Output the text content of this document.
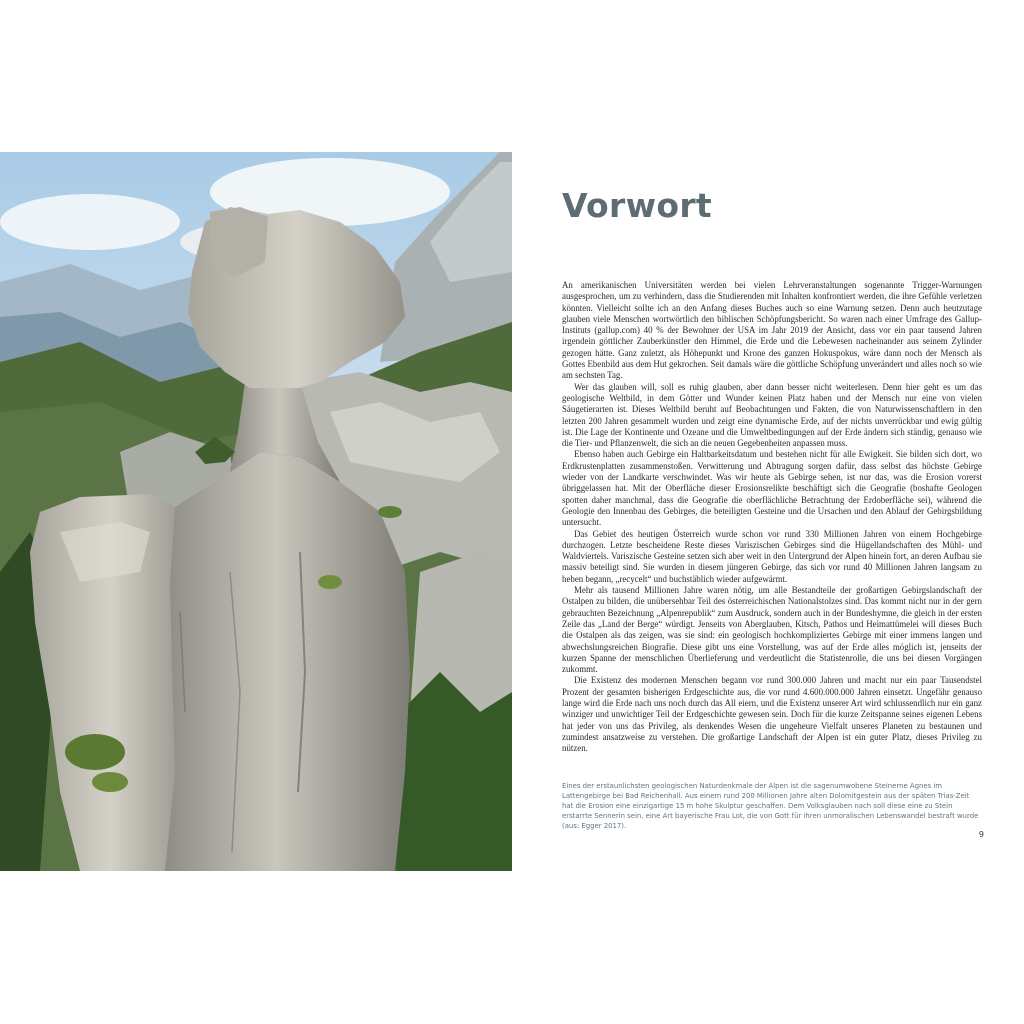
Vorwort

An amerikanischen Universitäten werden bei vielen Lehrveranstaltungen sogenannte Trigger-Warnungen ausgesprochen, um zu verhindern, dass die Studierenden mit Inhalten konfrontiert werden, die ihre Gefühle verletzen könnten. Vielleicht sollte ich an den Anfang dieses Buches auch so eine Warnung setzen. Denn auch heutzutage glauben viele Menschen wortwörtlich den biblischen Schöpfungsbericht. So waren nach einer Umfrage des Gallup-Instituts (gallup.com) 40 % der Bewohner der USA im Jahr 2019 der Ansicht, dass vor ein paar tausend Jahren irgendein göttlicher Zauberkünstler den Himmel, die Erde und die Lebewesen nacheinander aus seinem Zylinder gezogen hätte. Ganz zuletzt, als Höhepunkt und Krone des ganzen Hokuspokus, wäre dann noch der Mensch als Gottes Ebenbild aus dem Hut gekrochen. Seit damals wäre die göttliche Schöpfung unverändert und alles noch so wie am sechsten Tag.

Wer das glauben will, soll es ruhig glauben, aber dann besser nicht weiterlesen. Denn hier geht es um das geologische Weltbild, in dem Götter und Wunder keinen Platz haben und der Mensch nur eine von vielen Säugetierarten ist. Dieses Weltbild beruht auf Beobachtungen und Fakten, die von Naturwissenschaftlern in den letzten 200 Jahren gesammelt wurden und zeigt eine dynamische Erde, auf der nichts unverrückbar und ewig gültig ist. Die Lage der Kontinente und Ozeane und die Umweltbedingungen auf der Erde ändern sich ständig, genauso wie die Tier- und Pflanzenwelt, die sich an die neuen Gegebenheiten anpassen muss.

Ebenso haben auch Gebirge ein Haltbarkeitsdatum und bestehen nicht für alle Ewigkeit. Sie bilden sich dort, wo Erdkrustenplatten zusammenstoßen. Verwitterung und Abtragung sorgen dafür, dass selbst das höchste Gebirge wieder von der Landkarte verschwindet. Was wir heute als Gebirge sehen, ist nur das, was die Erosion vorerst übriggelassen hat. Mit der Oberfläche dieser Erosionsrelikte beschäftigt sich die Geografie (boshafte Geologen spotten daher manchmal, dass die Geografie die oberflächliche Betrachtung der Erdoberfläche sei), während die Geologie den Innenbau des Gebirges, die beteiligten Gesteine und die Ursachen und den Ablauf der Gebirgsbildung untersucht.

Das Gebiet des heutigen Österreich wurde schon vor rund 330 Millionen Jahren von einem Hochgebirge durchzogen. Letzte bescheidene Reste dieses Variszischen Gebirges sind die Hügellandschaften des Mühl- und Waldviertels. Variszische Gesteine setzen sich aber weit in den Untergrund der Alpen hinein fort, an deren Aufbau sie massiv beteiligt sind. Sie wurden in diesem jüngeren Gebirge, das sich vor rund 40 Millionen Jahren langsam zu heben begann, „recycelt“ und buchstäblich wieder aufgewärmt.

Mehr als tausend Millionen Jahre waren nötig, um alle Bestandteile der großartigen Gebirgslandschaft der Ostalpen zu bilden, die unübersehbar Teil des österreichischen Nationalstolzes sind. Das kommt nicht nur in der gern gebrauchten Bezeichnung „Alpenrepublik“ zum Ausdruck, sondern auch in der Bundeshymne, die gleich in der ersten Zeile das „Land der Berge“ würdigt. Jenseits von Aberglauben, Kitsch, Pathos und Heimattümelei will dieses Buch die Ostalpen als das zeigen, was sie sind: ein geologisch hochkompliziertes Gebirge mit einer immens langen und abwechslungsreichen Biografie. Diese gibt uns eine Vorstellung, was auf der Erde alles möglich ist, jenseits der kurzen Spanne der menschlichen Überlieferung und verdeutlicht die Statistenrolle, die uns bei diesen Vorgängen zukommt.

Die Existenz des modernen Menschen begann vor rund 300.000 Jahren und macht nur ein paar Tausendstel Prozent der gesamten bisherigen Erdgeschichte aus, die vor rund 4.600.000.000 Jahren einsetzt. Ungefähr genauso lange wird die Erde nach uns noch durch das All eiern, und die Existenz unserer Art wird schlussendlich nur ein ganz winziger und unwichtiger Teil der Erdgeschichte gewesen sein. Doch für die kurze Zeitspanne seines eigenen Lebens hat jeder von uns das Privileg, als denkendes Wesen die ungeheure Vielfalt unseres Planeten zu bestaunen und zumindest ansatzweise zu verstehen. Die großartige Landschaft der Alpen ist ein guter Platz, dieses Privileg zu nützen.

Eines der erstaunlichsten geologischen Naturdenkmale der Alpen ist die sagenumwobene Steinerne Agnes im Lattengebirge bei Bad Reichenhall. Aus einem rund 200 Millionen Jahre alten Dolomitgestein aus der späten Trias-Zeit hat die Erosion eine einzigartige 15 m hohe Skulptur geschaffen. Dem Volksglauben nach soll diese eine zu Stein erstarrte Sennerin sein, eine Art bayerische Frau Lot, die von Gott für ihren unmoralischen Lebenswandel bestraft wurde (aus: Egger 2017).

9
